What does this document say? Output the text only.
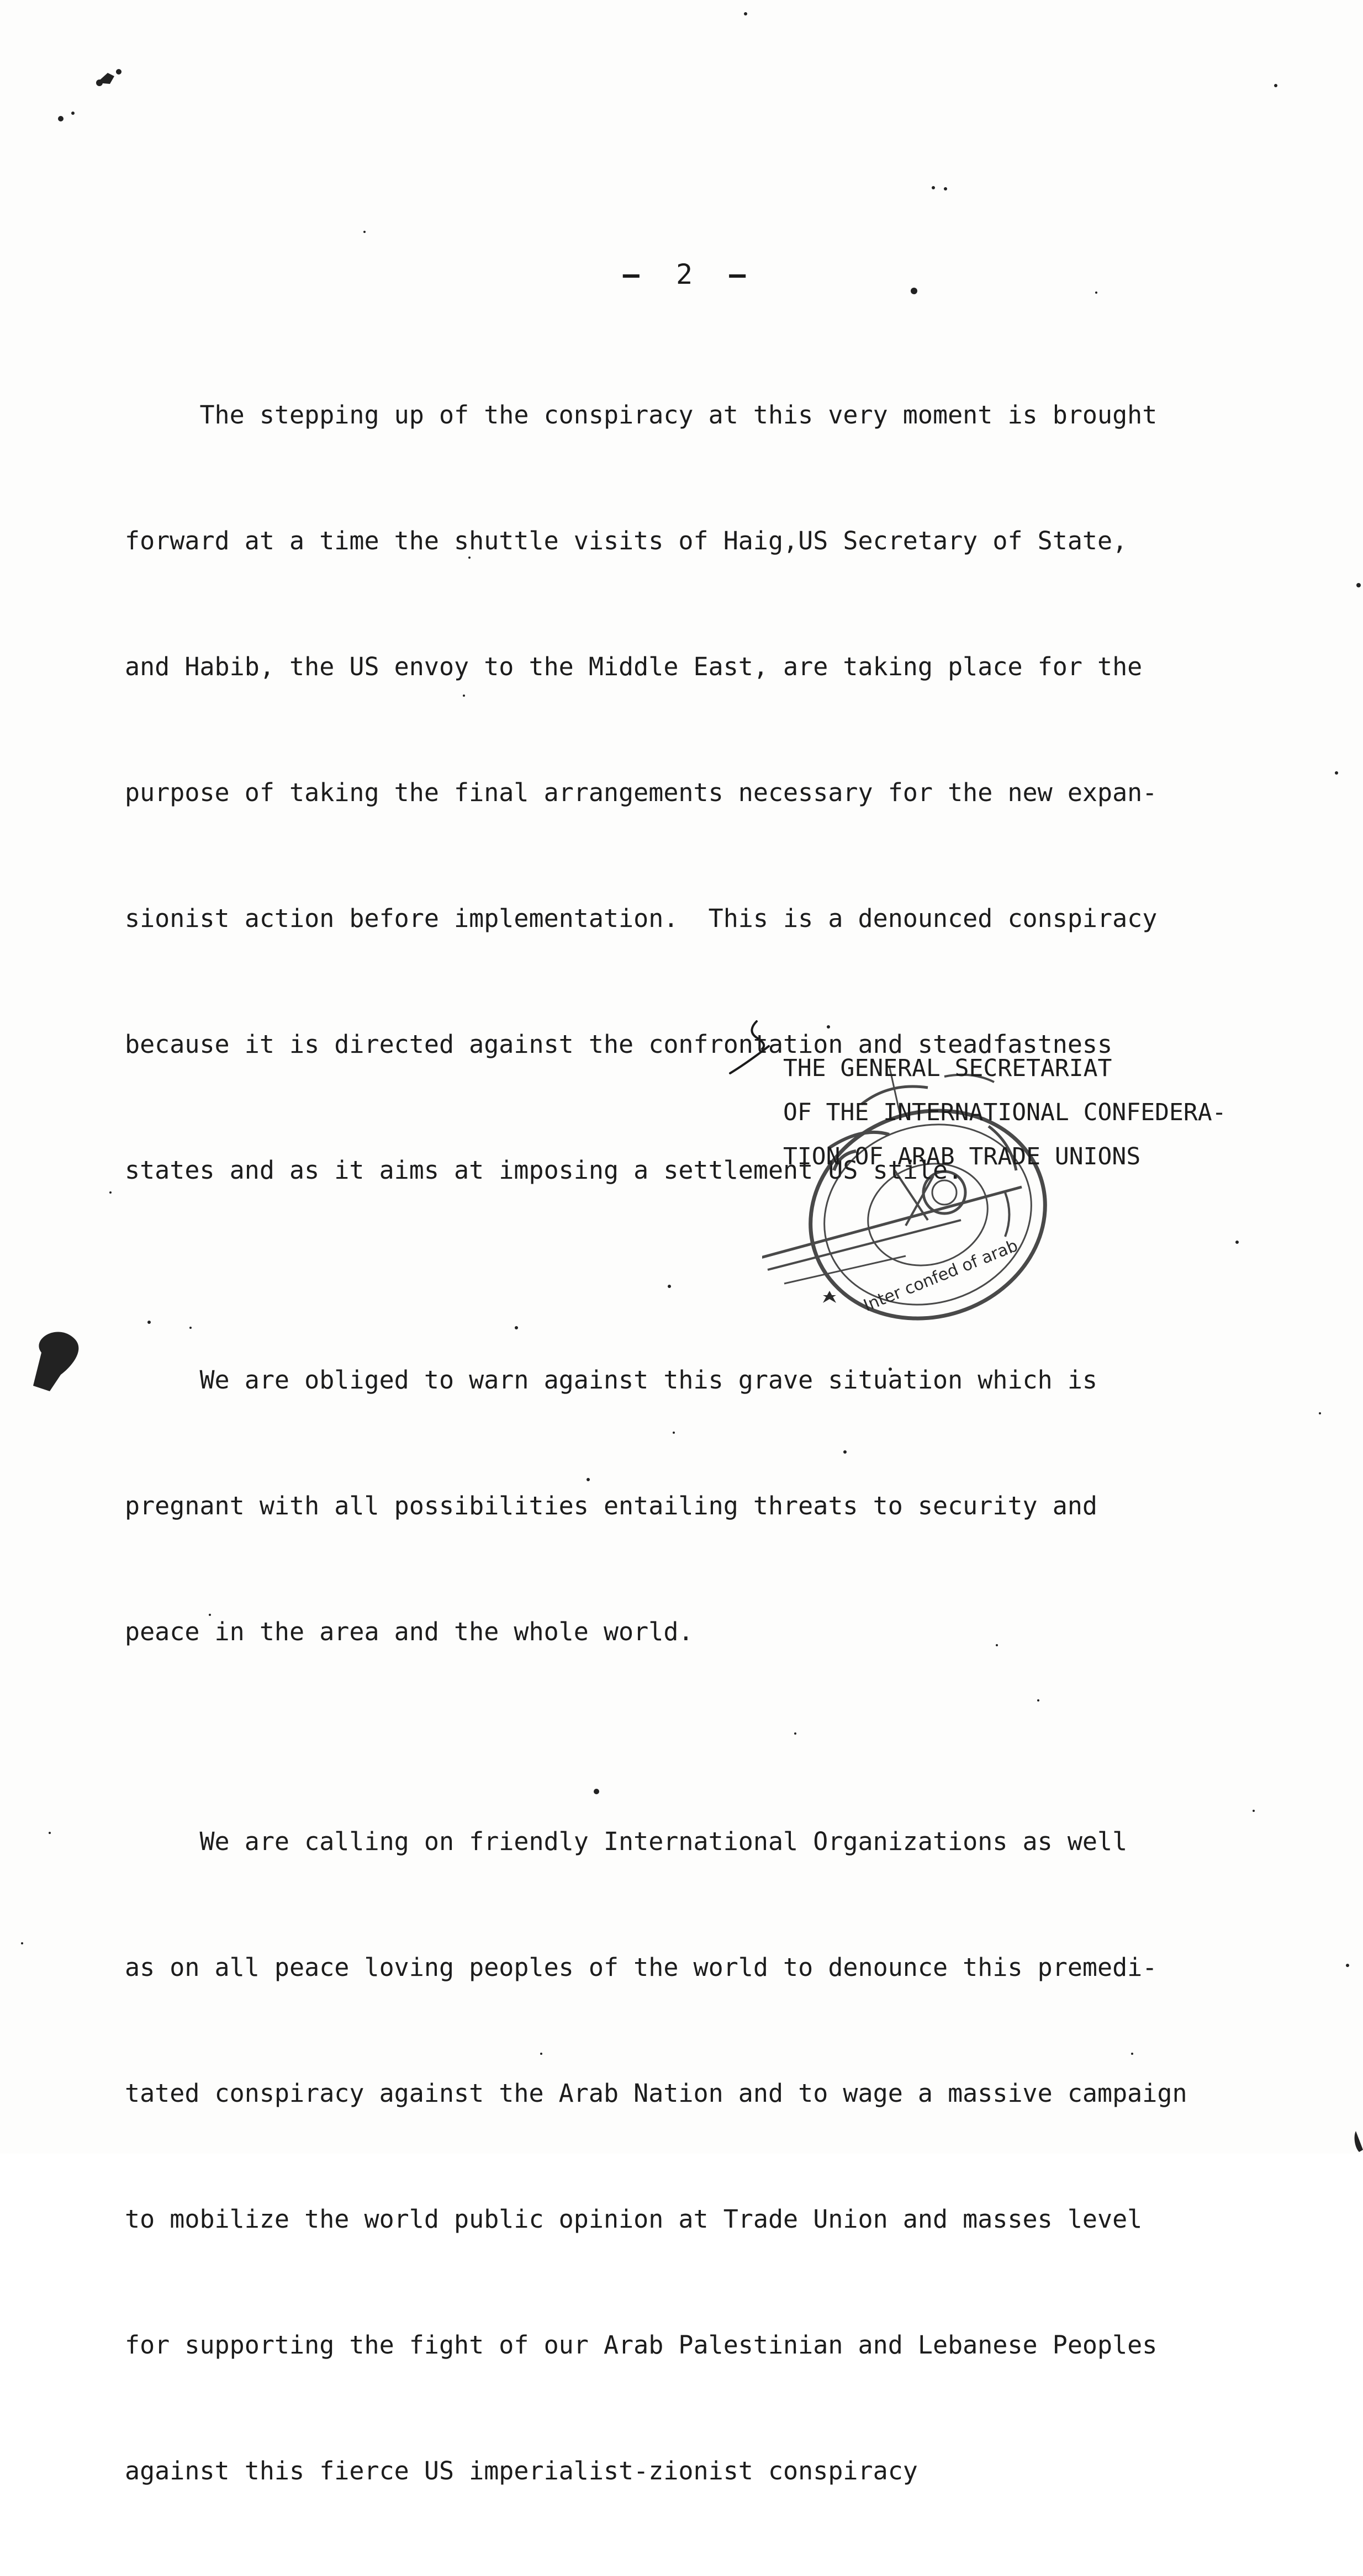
– 2 –

The stepping up of the conspiracy at this very moment is brought

forward at a time the shuttle visits of Haig,US Secretary of State,

and Habib, the US envoy to the Middle East, are taking place for the

purpose of taking the final arrangements necessary for the new expan-

sionist action before implementation.  This is a denounced conspiracy

because it is directed against the confrontation and steadfastness

states and as it aims at imposing a settlement US stile.

We are obliged to warn against this grave situation which is

pregnant with all possibilities entailing threats to security and

peace in the area and the whole world.

We are calling on friendly International Organizations as well

as on all peace loving peoples of the world to denounce this premedi-

tated conspiracy against the Arab Nation and to wage a massive campaign

to mobilize the world public opinion at Trade Union and masses level

for supporting the fight of our Arab Palestinian and Lebanese Peoples

against this fierce US imperialist-zionist conspiracy

Inter confed of arab
THE GENERAL SECRETARIAT
OF THE INTERNATIONAL CONFEDERA-
TION OF ARAB TRADE UNIONS
